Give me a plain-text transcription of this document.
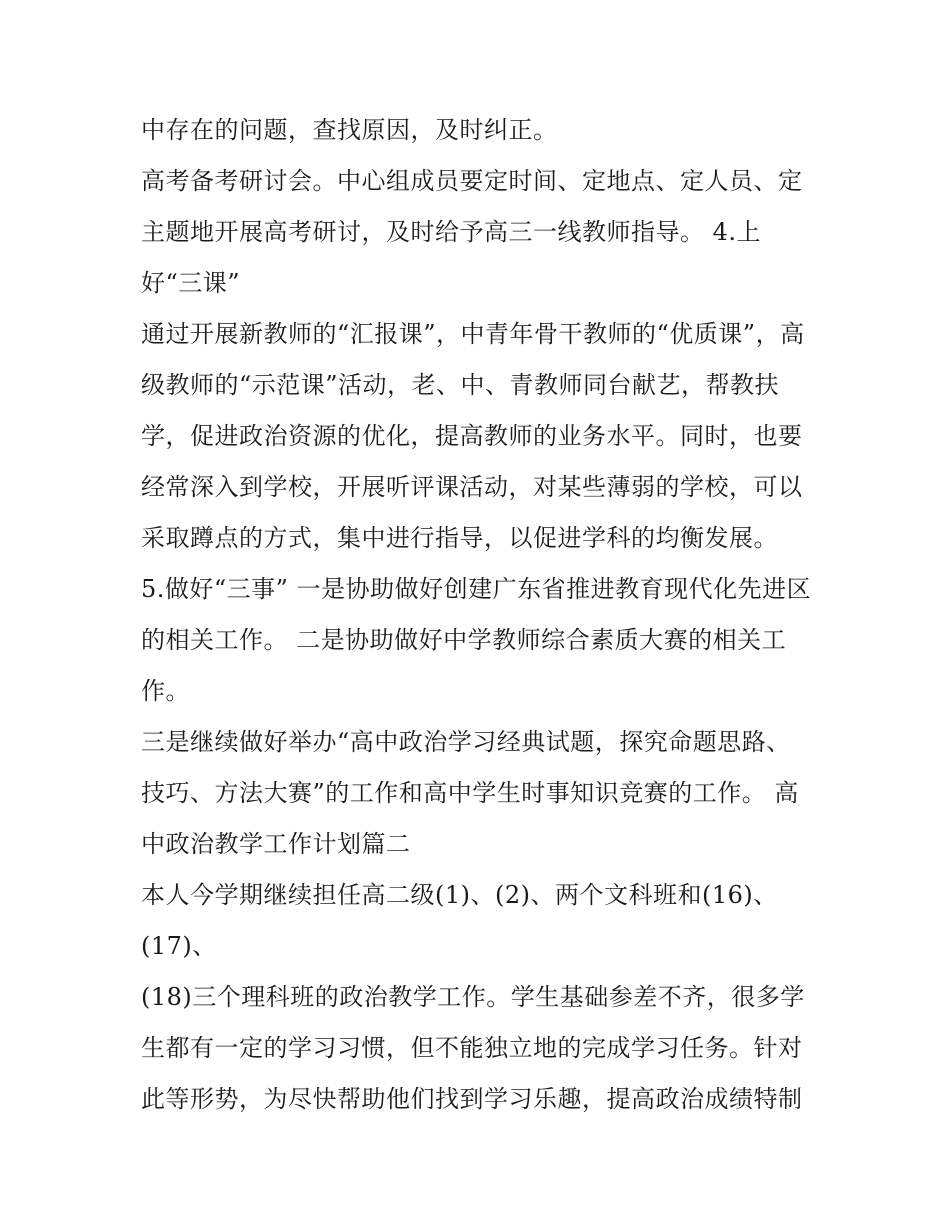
中存在的问题，查找原因，及时纠正。
高考备考研讨会。中心组成员要定时间、定地点、定人员、定
主题地开展高考研讨，及时给予高三一线教师指导。 4.上
好“三课”
通过开展新教师的“汇报课”，中青年骨干教师的“优质课”，高
级教师的“示范课”活动，老、中、青教师同台献艺，帮教扶
学，促进政治资源的优化，提高教师的业务水平。同时，也要
经常深入到学校，开展听评课活动，对某些薄弱的学校，可以
采取蹲点的方式，集中进行指导，以促进学科的均衡发展。
5.做好“三事” 一是协助做好创建广东省推进教育现代化先进区
的相关工作。 二是协助做好中学教师综合素质大赛的相关工
作。
三是继续做好举办“高中政治学习经典试题，探究命题思路、
技巧、方法大赛”的工作和高中学生时事知识竞赛的工作。 高
中政治教学工作计划篇二
本人今学期继续担任高二级(1)、(2)、两个文科班和(16)、
(17)、
(18)三个理科班的政治教学工作。学生基础参差不齐，很多学
生都有一定的学习习惯，但不能独立地的完成学习任务。针对
此等形势，为尽快帮助他们找到学习乐趣，提高政治成绩特制
